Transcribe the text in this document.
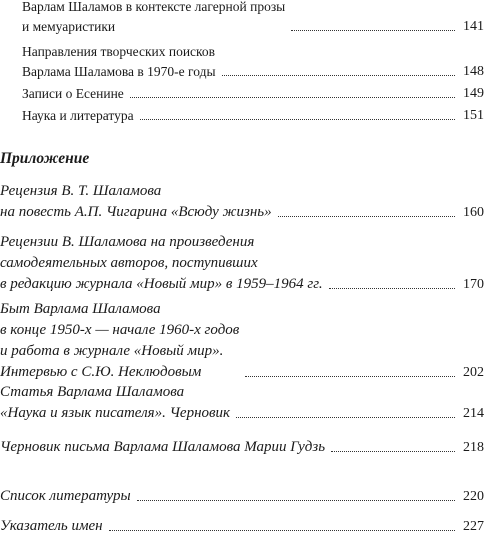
Варлам Шаламов в контексте лагерной прозы
и мемуаристики	141
Направления творческих поисков
Варлама Шаламова в 1970-е годы	148
Записи о Есенине	149
Наука и литература	151
Приложение
Рецензия В. Т. Шаламова
на повесть А.П. Чигарина «Всюду жизнь»	160
Рецензии В. Шаламова на произведения
самодеятельных авторов, поступивших
в редакцию журнала «Новый мир» в 1959–1964 гг.	170
Быт Варлама Шаламова
в конце 1950-х — начале 1960-х годов
и работа в журнале «Новый мир».
Интервью с С.Ю. Неклюдовым	202
Статья Варлама Шаламова
«Наука и язык писателя». Черновик	214
Черновик письма Варлама Шаламова Марии Гудзь	218
Список литературы	220
Указатель имен	227
